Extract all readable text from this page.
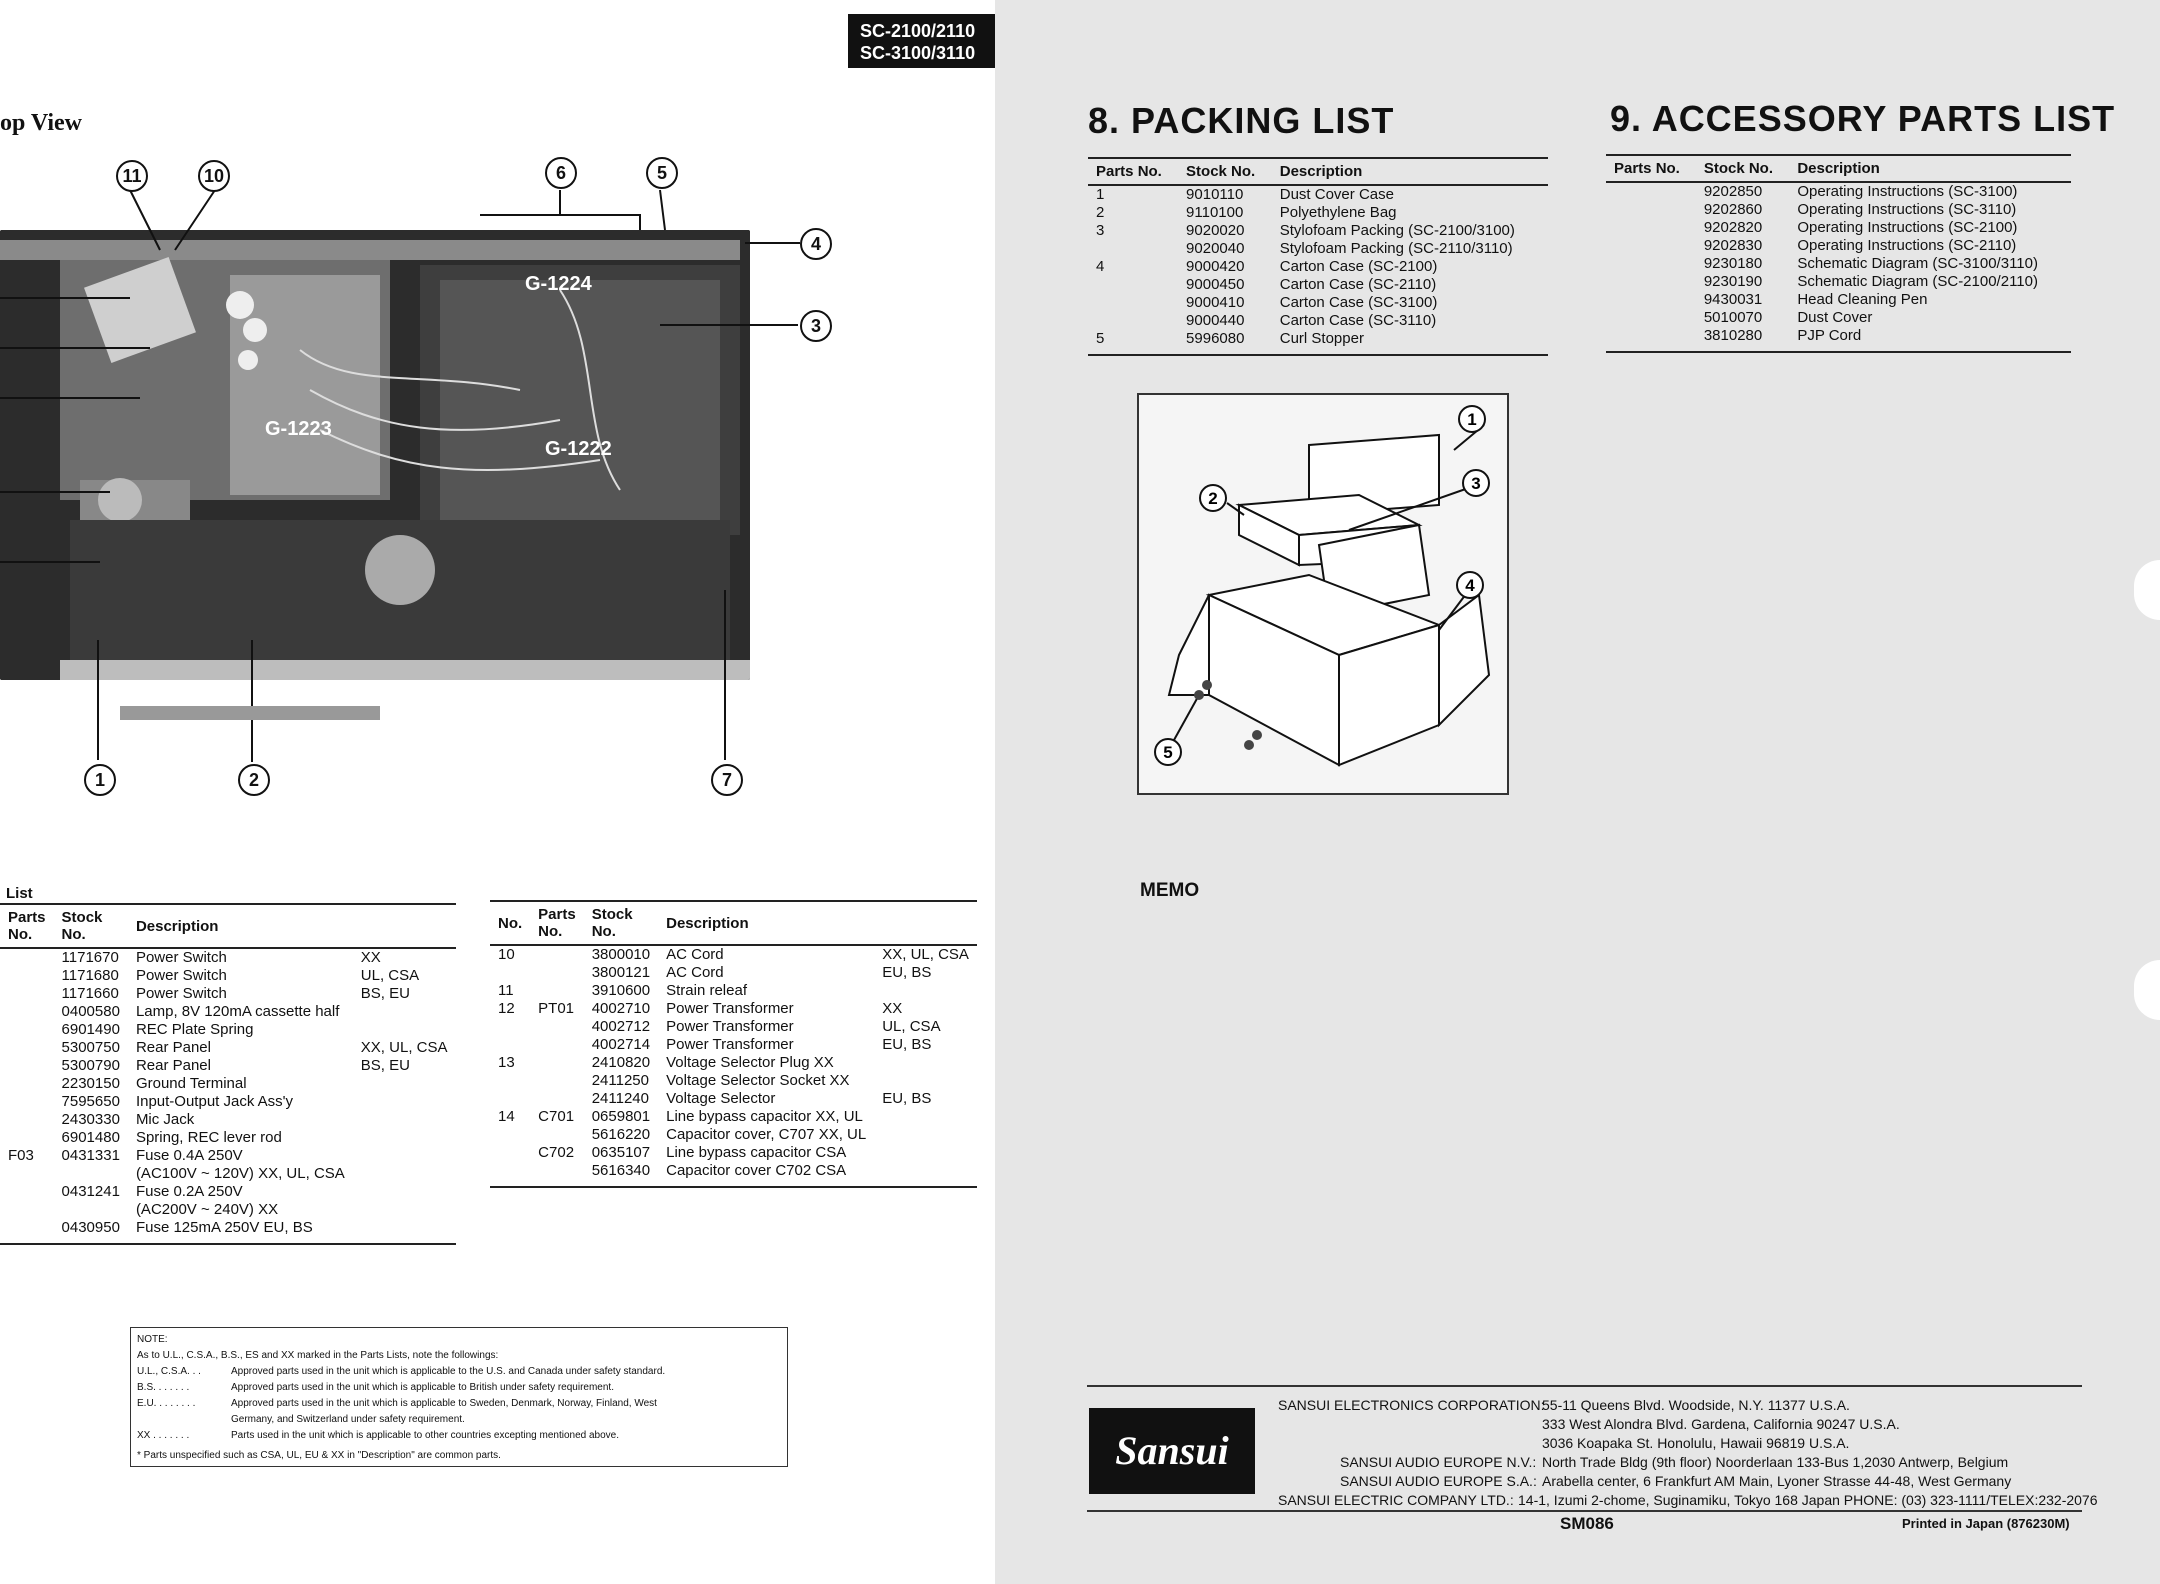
op View
G-1223
G-1222
G-1224
11	10	6	5
4
3
1	2	7
List
Parts No.	Stock No.	Description	
	1171670	Power Switch	XX
	1171680	Power Switch	UL, CSA
	1171660	Power Switch	BS, EU
	0400580	Lamp, 8V 120mA cassette half	
	6901490	REC Plate Spring	
	5300750	Rear Panel	XX, UL, CSA
	5300790	Rear Panel	BS, EU
	2230150	Ground Terminal	
	7595650	Input-Output Jack Ass'y	
	2430330	Mic Jack	
	6901480	Spring, REC lever rod	
F03	0431331	Fuse 0.4A 250V	
		(AC100V ~ 120V) XX, UL, CSA	
	0431241	Fuse 0.2A 250V	
		(AC200V ~ 240V) XX	
	0430950	Fuse 125mA 250V EU, BS	
No.	Parts No.	Stock No.	Description	
10		3800010	AC Cord	XX, UL, CSA
		3800121	AC Cord	EU, BS
11		3910600	Strain releaf	
12	PT01	4002710	Power Transformer	XX
		4002712	Power Transformer	UL, CSA
		4002714	Power Transformer	EU, BS
13		2410820	Voltage Selector Plug XX	
		2411250	Voltage Selector Socket XX	
		2411240	Voltage Selector	EU, BS
14	C701	0659801	Line bypass capacitor XX, UL	
		5616220	Capacitor cover, C707 XX, UL	
	C702	0635107	Line bypass capacitor CSA	
		5616340	Capacitor cover C702 CSA	
NOTE:
As to U.L., C.S.A., B.S., ES and XX marked in the Parts Lists, note the followings:
U.L., C.S.A. . .	Approved parts used in the unit which is applicable to the U.S. and Canada under safety standard.
B.S. . . . . . .	Approved parts used in the unit which is applicable to British under safety requirement.
E.U. . . . . . . .	Approved parts used in the unit which is applicable to Sweden, Denmark, Norway, Finland, West
Germany, and Switzerland under safety requirement.
XX . . . . . . .	Parts used in the unit which is applicable to other countries excepting mentioned above.
* Parts unspecified such as CSA, UL, EU & XX in "Description" are common parts.
SC-2100/2110
SC-3100/3110
8. PACKING LIST	9. ACCESSORY PARTS LIST
Parts No.	Stock No.	Description
1	9010110	Dust Cover Case
2	9110100	Polyethylene Bag
3	9020020	Stylofoam Packing (SC-2100/3100)
	9020040	Stylofoam Packing (SC-2110/3110)
4	9000420	Carton Case (SC-2100)
	9000450	Carton Case (SC-2110)
	9000410	Carton Case (SC-3100)
	9000440	Carton Case (SC-3110)
5	5996080	Curl Stopper
Parts No.	Stock No.	Description
	9202850	Operating Instructions (SC-3100)
	9202860	Operating Instructions (SC-3110)
	9202820	Operating Instructions (SC-2100)
	9202830	Operating Instructions (SC-2110)
	9230180	Schematic Diagram (SC-3100/3110)
	9230190	Schematic Diagram (SC-2100/2110)
	9430031	Head Cleaning Pen
	5010070	Dust Cover
	3810280	PJP Cord
1
2
3
4
5
MEMO
Sansui
SANSUI ELECTRONICS CORPORATION:
55-11 Queens Blvd. Woodside, N.Y. 11377 U.S.A.
333 West Alondra Blvd. Gardena, California 90247 U.S.A.
3036 Koapaka St. Honolulu, Hawaii 96819 U.S.A.
SANSUI AUDIO EUROPE N.V.: North Trade Bldg (9th floor) Noorderlaan 133-Bus 1,2030 Antwerp, Belgium
SANSUI AUDIO EUROPE S.A.: Arabella center, 6 Frankfurt AM Main, Lyoner Strasse 44-48, West Germany
SANSUI ELECTRIC COMPANY LTD.: 14-1, Izumi 2-chome, Suginamiku, Tokyo 168 Japan PHONE: (03) 323-1111/TELEX:232-2076
SM086	Printed in Japan (876230M)
